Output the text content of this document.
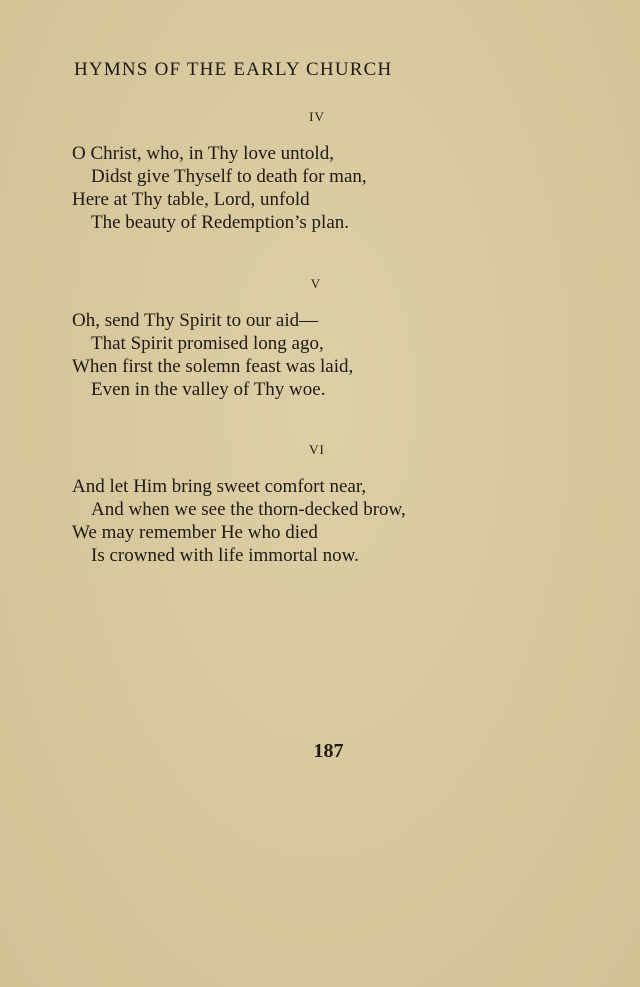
HYMNS OF THE EARLY CHURCH
IV
O Christ, who, in Thy love untold,
Didst give Thyself to death for man,
Here at Thy table, Lord, unfold
The beauty of Redemption’s plan.
V
Oh, send Thy Spirit to our aid—
That Spirit promised long ago,
When first the solemn feast was laid,
Even in the valley of Thy woe.
VI
And let Him bring sweet comfort near,
And when we see the thorn-decked brow,
We may remember He who died
Is crowned with life immortal now.
187
